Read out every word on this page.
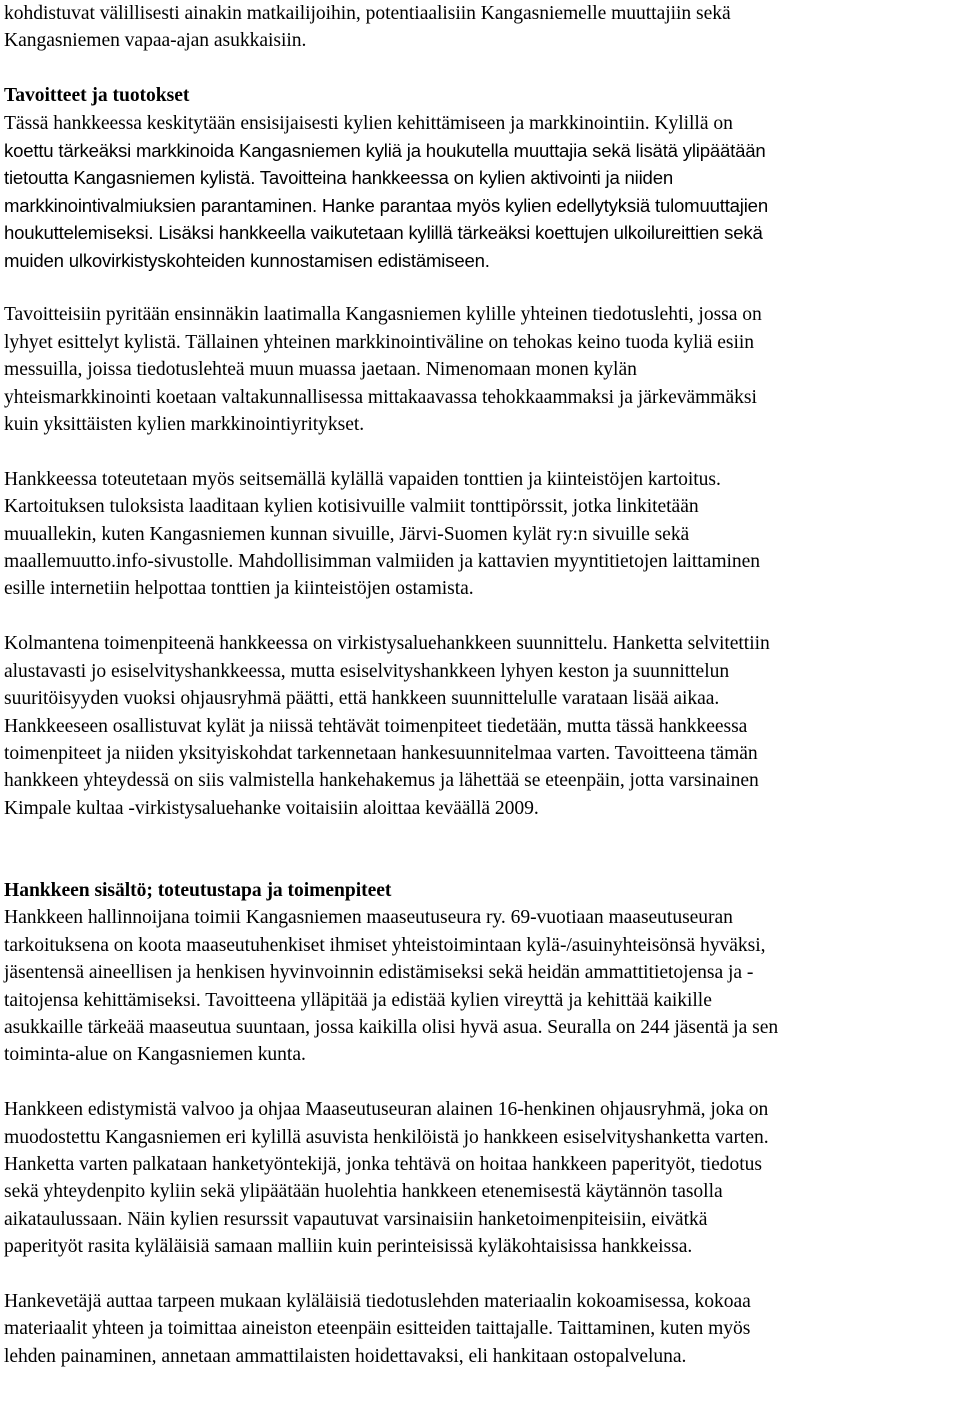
kohdistuvat välillisesti ainakin matkailijoihin, potentiaalisiin Kangasniemelle muuttajiin sekä
Kangasniemen vapaa-ajan asukkaisiin.

Tavoitteet ja tuotokset
Tässä hankkeessa keskitytään ensisijaisesti kylien kehittämiseen ja markkinointiin. Kylillä on
koettu tärkeäksi markkinoida Kangasniemen kyliä ja houkutella muuttajia sekä lisätä ylipäätään
tietoutta Kangasniemen kylistä. Tavoitteina hankkeessa on kylien aktivointi ja niiden
markkinointivalmiuksien parantaminen. Hanke parantaa myös kylien edellytyksiä tulomuuttajien
houkuttelemiseksi. Lisäksi hankkeella vaikutetaan kylillä tärkeäksi koettujen ulkoilureittien sekä
muiden ulkovirkistyskohteiden kunnostamisen edistämiseen.

Tavoitteisiin pyritään ensinnäkin laatimalla Kangasniemen kylille yhteinen tiedotuslehti, jossa on
lyhyet esittelyt kylistä. Tällainen yhteinen markkinointiväline on tehokas keino tuoda kyliä esiin
messuilla, joissa tiedotuslehteä muun muassa jaetaan. Nimenomaan monen kylän
yhteismarkkinointi koetaan valtakunnallisessa mittakaavassa tehokkaammaksi ja järkevämmäksi
kuin yksittäisten kylien markkinointiyritykset.

Hankkeessa toteutetaan myös seitsemällä kylällä vapaiden tonttien ja kiinteistöjen kartoitus.
Kartoituksen tuloksista laaditaan kylien kotisivuille valmiit tonttipörssit, jotka linkitetään
muuallekin, kuten Kangasniemen kunnan sivuille, Järvi-Suomen kylät ry:n sivuille sekä
maallemuutto.info-sivustolle. Mahdollisimman valmiiden ja kattavien myyntitietojen laittaminen
esille internetiin helpottaa tonttien ja kiinteistöjen ostamista.

Kolmantena toimenpiteenä hankkeessa on virkistysaluehankkeen suunnittelu. Hanketta selvitettiin
alustavasti jo esiselvityshankkeessa, mutta esiselvityshankkeen lyhyen keston ja suunnittelun
suuritöisyyden vuoksi ohjausryhmä päätti, että hankkeen suunnittelulle varataan lisää aikaa.
Hankkeeseen osallistuvat kylät ja niissä tehtävät toimenpiteet tiedetään, mutta tässä hankkeessa
toimenpiteet ja niiden yksityiskohdat tarkennetaan hankesuunnitelmaa varten. Tavoitteena tämän
hankkeen yhteydessä on siis valmistella hankehakemus ja lähettää se eteenpäin, jotta varsinainen
Kimpale kultaa -virkistysaluehanke voitaisiin aloittaa keväällä 2009.

Hankkeen sisältö; toteutustapa ja toimenpiteet

Hankkeen hallinnoijana toimii Kangasniemen maaseutuseura ry. 69-vuotiaan maaseutuseuran
tarkoituksena on koota maaseutuhenkiset ihmiset yhteistoimintaan kylä-/asuinyhteisönsä hyväksi,
jäsentensä aineellisen ja henkisen hyvinvoinnin edistämiseksi sekä heidän ammattitietojensa ja -
taitojensa kehittämiseksi. Tavoitteena ylläpitää ja edistää kylien vireyttä ja kehittää kaikille
asukkaille tärkeää maaseutua suuntaan, jossa kaikilla olisi hyvä asua. Seuralla on 244 jäsentä ja sen
toiminta-alue on Kangasniemen kunta.

Hankkeen edistymistä valvoo ja ohjaa Maaseutuseuran alainen 16-henkinen ohjausryhmä, joka on
muodostettu Kangasniemen eri kylillä asuvista henkilöistä jo hankkeen esiselvityshanketta varten.
Hanketta varten palkataan hanketyöntekijä, jonka tehtävä on hoitaa hankkeen paperityöt, tiedotus
sekä yhteydenpito kyliin sekä ylipäätään huolehtia hankkeen etenemisestä käytännön tasolla
aikataulussaan. Näin kylien resurssit vapautuvat varsinaisiin hanketoimenpiteisiin, eivätkä
paperityöt rasita kyläläisiä samaan malliin kuin perinteisissä kyläkohtaisissa hankkeissa.

Hankevetäjä auttaa tarpeen mukaan kyläläisiä tiedotuslehden materiaalin kokoamisessa, kokoaa
materiaalit yhteen ja toimittaa aineiston eteenpäin esitteiden taittajalle. Taittaminen, kuten myös
lehden painaminen, annetaan ammattilaisten hoidettavaksi, eli hankitaan ostopalveluna.
